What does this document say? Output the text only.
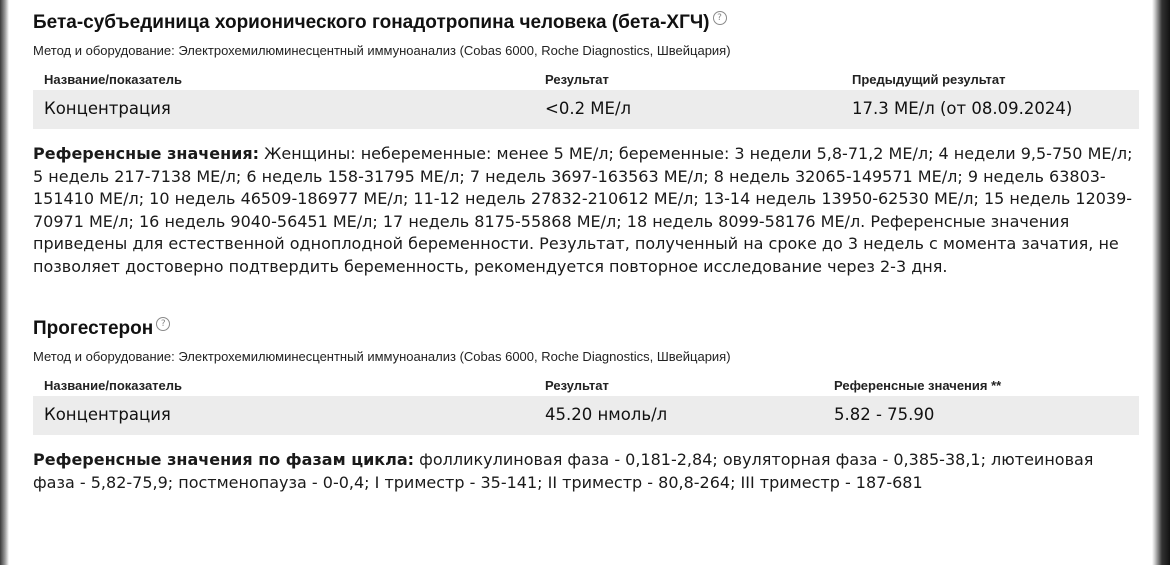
Бета-субъединица хорионического гонадотропина человека (бета-ХГЧ) ?
Метод и оборудование: Электрохемилюминесцентный иммуноанализ (Cobas 6000, Roche Diagnostics, Швейцария)
Название/показатель	Результат	Предыдущий результат
Концентрация	<0.2 МЕ/л	17.3 МЕ/л (от 08.09.2024)

Референсные значения: Женщины: небеременные: менее 5 МЕ/л; беременные: 3 недели 5,8-71,2 МЕ/л; 4 недели 9,5-750 МЕ/л; 5 недель 217-7138 МЕ/л; 6 недель 158-31795 МЕ/л; 7 недель 3697-163563 МЕ/л; 8 недель 32065-149571 МЕ/л; 9 недель 63803-151410 МЕ/л; 10 недель 46509-186977 МЕ/л; 11-12 недель 27832-210612 МЕ/л; 13-14 недель 13950-62530 МЕ/л; 15 недель 12039-70971 МЕ/л; 16 недель 9040-56451 МЕ/л; 17 недель 8175-55868 МЕ/л; 18 недель 8099-58176 МЕ/л. Референсные значения приведены для естественной одноплодной беременности. Результат, полученный на сроке до 3 недель с момента зачатия, не позволяет достоверно подтвердить беременность, рекомендуется повторное исследование через 2-3 дня.

Прогестерон ?
Метод и оборудование: Электрохемилюминесцентный иммуноанализ (Cobas 6000, Roche Diagnostics, Швейцария)
Название/показатель	Результат	Референсные значения **
Концентрация	45.20 нмоль/л	5.82 - 75.90

Референсные значения по фазам цикла: фолликулиновая фаза - 0,181-2,84; овуляторная фаза - 0,385-38,1; лютеиновая фаза - 5,82-75,9; постменопауза - 0-0,4; I триместр - 35-141; II триместр - 80,8-264; III триместр - 187-681
